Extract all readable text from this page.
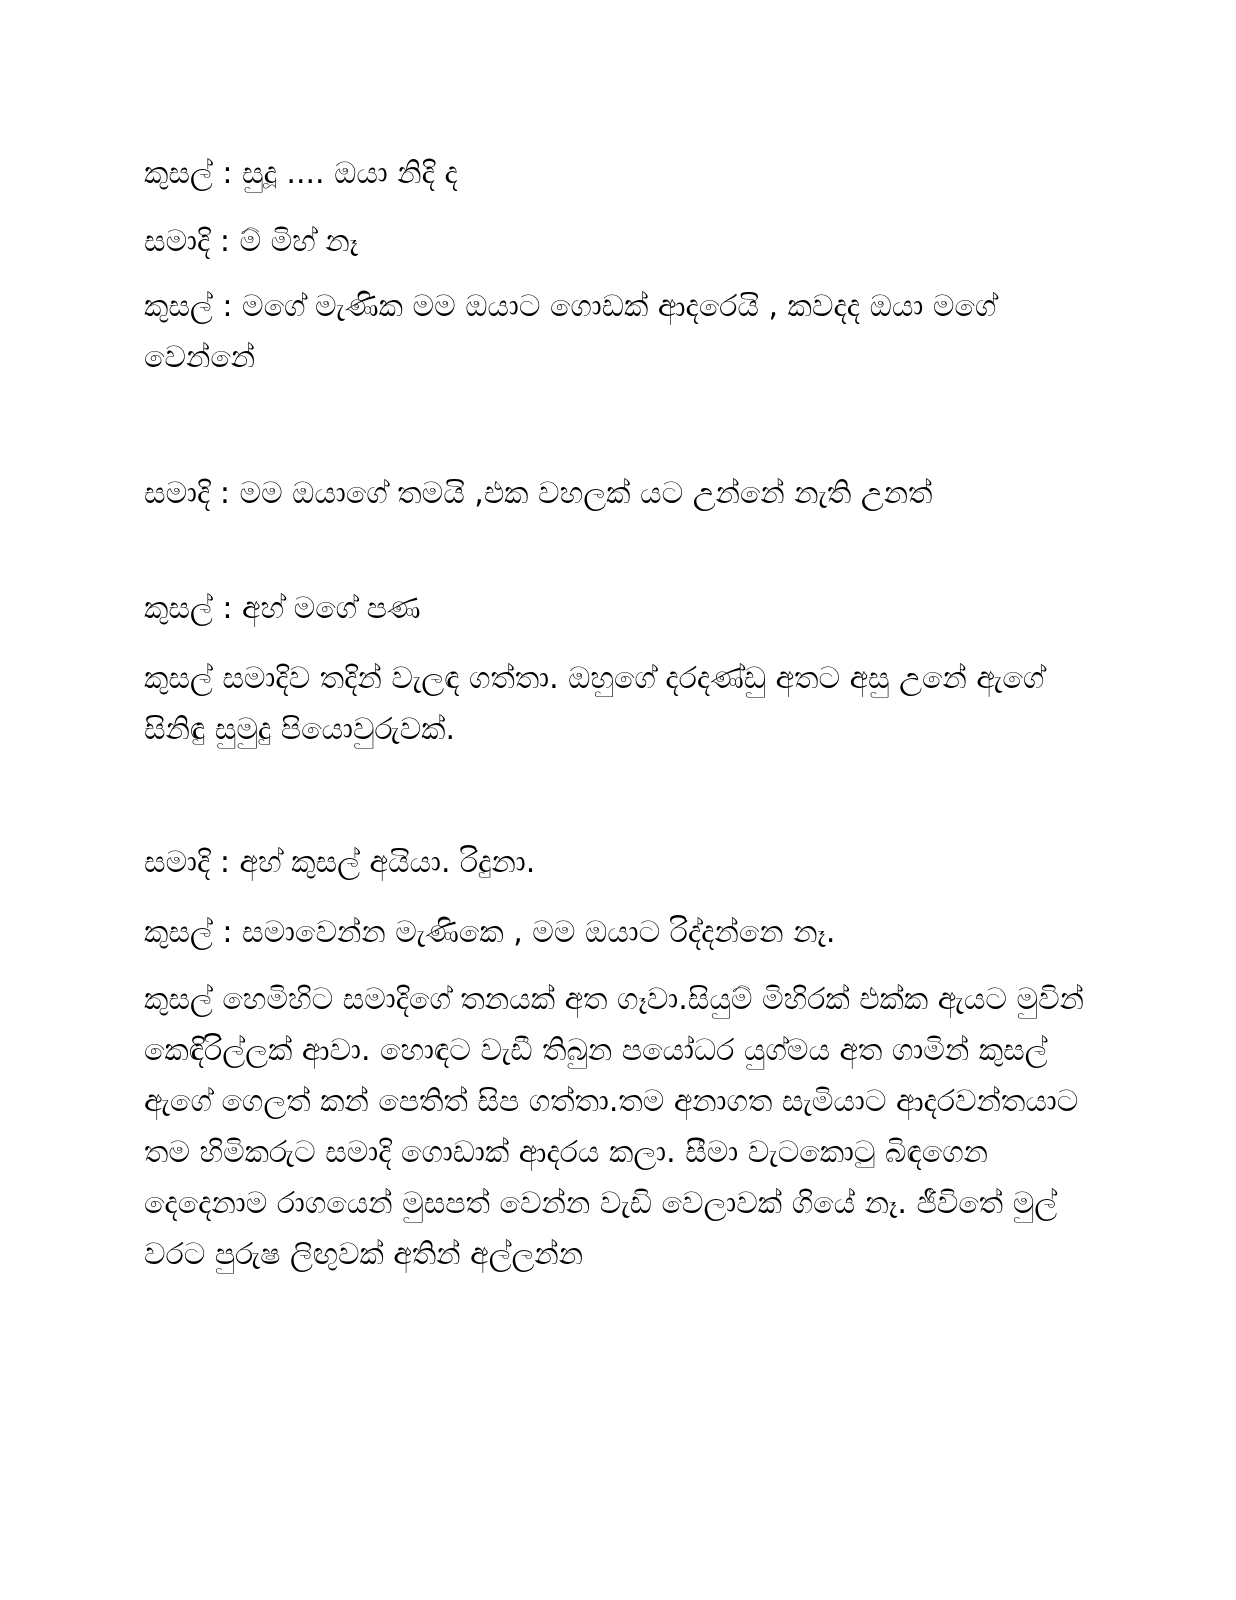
කුසල් : සුදූ .... ඔයා නිදි ද

සමාදි : ම් මිහ් නෑ

කුසල් : මගේ මැණික මම ඔයාට ගොඩක් ආදරෙයි , කවදද ඔයා මගේ වෙන්නේ

සමාදි : මම ඔයාගේ තමයි ,එක වහලක් යට උන්නේ නැති උනත්

කුසල් : අහ් මගේ පණ

කුසල් සමාදිව තදින් වැලඳ ගත්තා. ඔහුගේ දරදණ්ඩු අතට අසු උනේ ඇගේ සිනිඳු සුමුදු පියොවුරුවක්.

සමාදි : අහ් කුසල් අයියා. රිදුනා.

කුසල් : සමාවෙන්න මැණිකෙ , මම ඔයාට රිද්දන්නෙ නෑ.

කුසල් හෙමිහිට සමාදිගේ තනයක් අත ගෑවා.සියුම් මිහිරක් එක්ක ඇයට මුවින් කෙඳිරිල්ලක් ආවා. හොඳට වැඩී තිබුන පයෝධර යුග්මය අත ගාමින් කුසල් ඇගේ ගෙලත් කන් පෙතිත් සිප ගත්තා.තම අනාගත සැමියාට ආදරවන්තයාට තම හිමිකරුට සමාදි ගොඩාක් ආදරය කලා. සීමා වැටකොටු බිඳගෙන දෙදෙනාම රාගයෙන් මුසපත් වෙන්න වැඩි වෙලාවක් ගියේ නෑ. ජීවිතේ මුල් වරට පුරුෂ ලිඟුවක් අතින් අල්ලන්න
